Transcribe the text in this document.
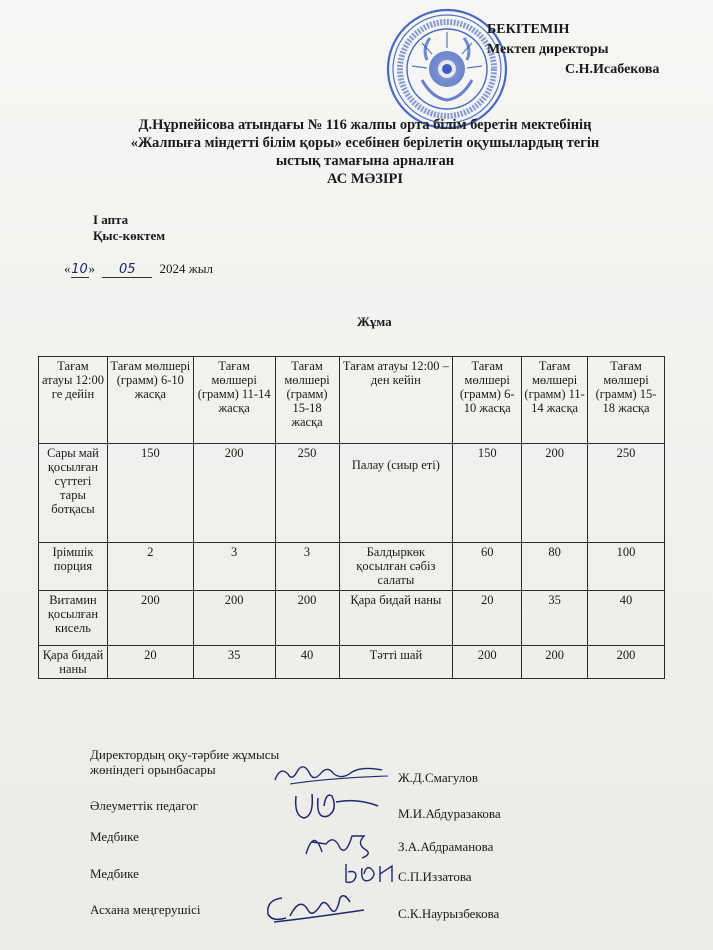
БЕКІТЕМІН
Мектеп директоры
С.Н.Исабекова
Д.Нұрпейісова атындағы № 116 жалпы орта білім беретін мектебінің
«Жалпыға міндетті білім қоры» есебінен берілетін оқушылардың тегін
ыстық тамағына арналған
АС МӘЗІРІ
І апта
Қыс-көктем
«10» 05 2024 жыл
Жұма
Тағам атауы 12:00 ге дейін	Тағам мөлшері (грамм) 6-10 жасқа	Тағам мөлшері (грамм) 11-14 жасқа	Тағам мөлшері (грамм) 15-18 жасқа	Тағам атауы 12:00 – ден кейін	Тағам мөлшері (грамм) 6-10 жасқа	Тағам мөлшері (грамм) 11-14 жасқа	Тағам мөлшері (грамм) 15-18 жасқа
Сары май қосылған сүттегі тары ботқасы	150	200	250	Палау (сиыр еті)	150	200	250
Ірімшік порция	2	3	3	Балдыркөк қосылған сәбіз салаты	60	80	100
Витамин қосылған кисель	200	200	200	Қара бидай наны	20	35	40
Қара бидай наны	20	35	40	Тәтті шай	200	200	200
Директордың оқу-тәрбие жұмысы жөніндегі орынбасары
Ж.Д.Смагулов
Әлеуметтік педагог
М.И.Абдуразакова
Медбике
З.А.Абдраманова
Медбике	С.П.Иззатова
Асхана меңгерушісі	С.К.Наурызбекова
